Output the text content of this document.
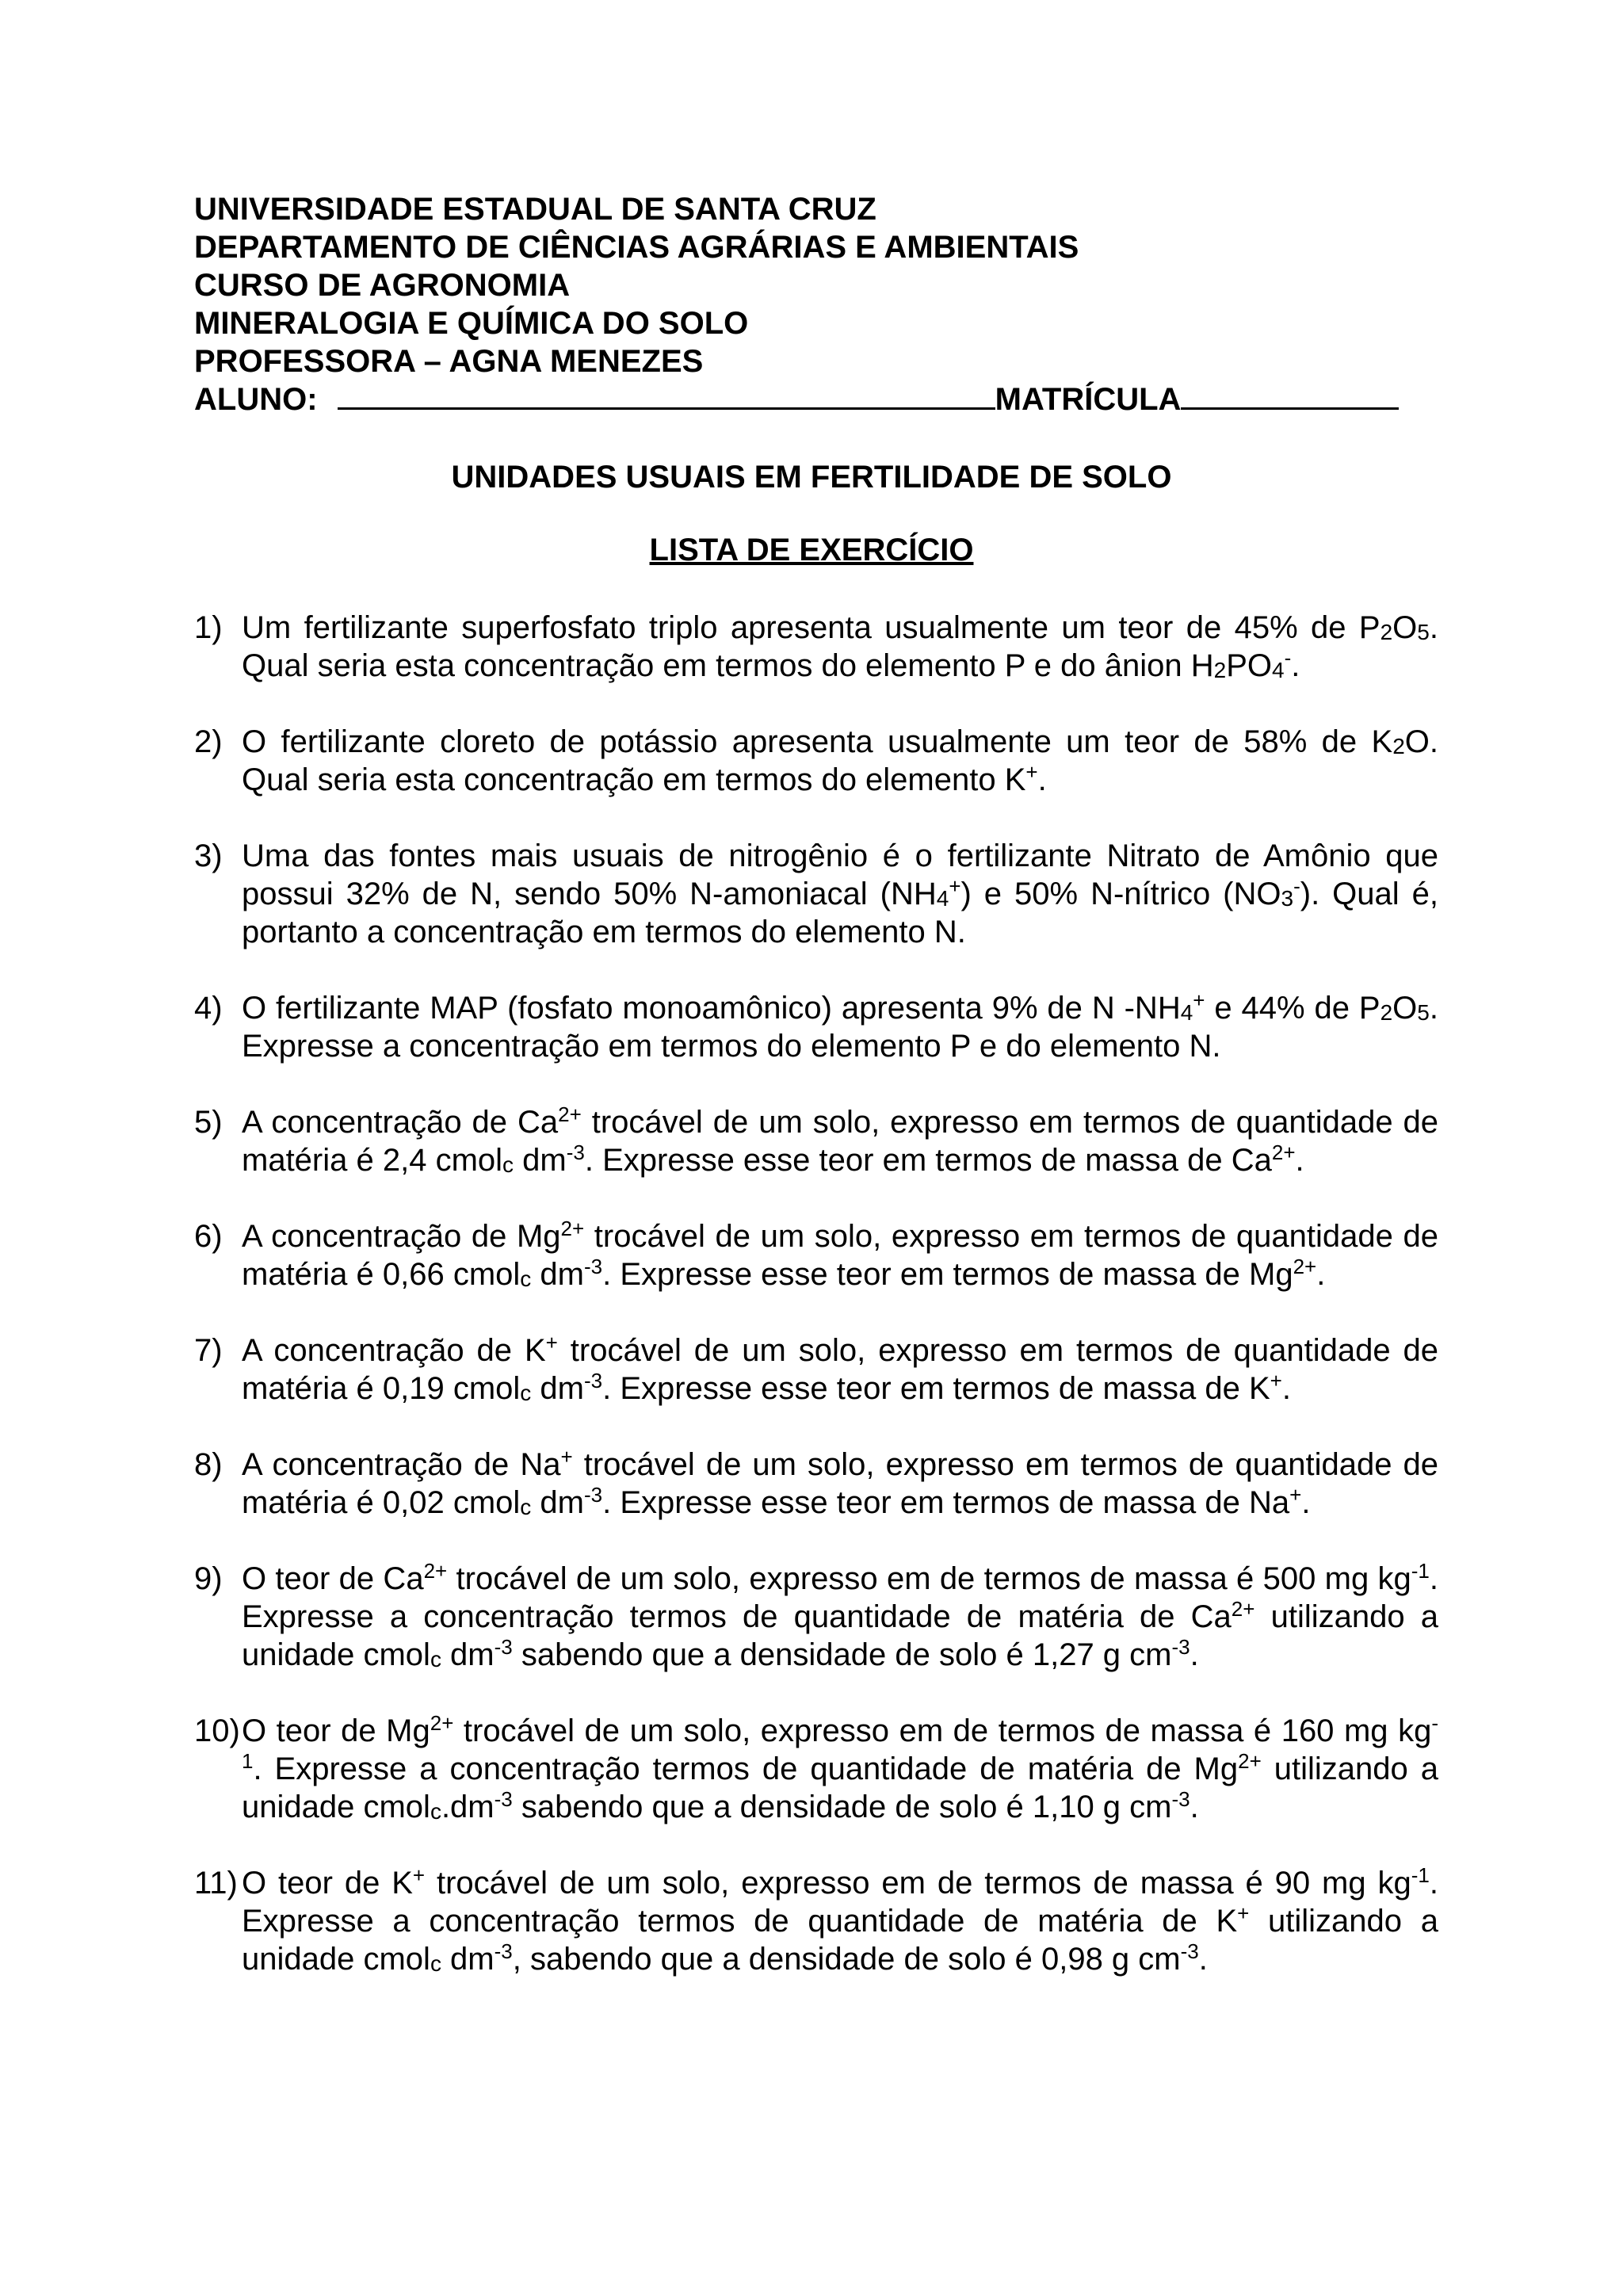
UNIVERSIDADE ESTADUAL DE SANTA CRUZ
DEPARTAMENTO DE CIÊNCIAS AGRÁRIAS E AMBIENTAIS
CURSO DE AGRONOMIA
MINERALOGIA E QUÍMICA DO SOLO
PROFESSORA – AGNA MENEZES
ALUNO:	MATRÍCULA
UNIDADES USUAIS EM FERTILIDADE DE SOLO
LISTA DE EXERCÍCIO
1) Um fertilizante superfosfato triplo apresenta usualmente um teor de 45% de $P_2O_5$. Qual seria esta concentração em termos do elemento P e do ânion $H_2PO_4^-$.
2) O fertilizante cloreto de potássio apresenta usualmente um teor de 58% de $K_2O$. Qual seria esta concentração em termos do elemento K+.
3) Uma das fontes mais usuais de nitrogênio é o fertilizante Nitrato de Amônio que possui 32% de N, sendo 50% N-amoniacal $(NH_4^+)$ e 50% N-nítrico $(NO_3^-)$. Qual é, portanto a concentração em termos do elemento N.
4) O fertilizante MAP (fosfato monoamônico) apresenta 9% de N $-NH_4^+$ e 44% de $P_2O_5$. Expresse a concentração em termos do elemento P e do elemento N.
5) A concentração de $Ca^{2+}$ trocável de um solo, expresso em termos de quantidade de matéria é 2,4 cmol$_c$ $dm^{-3}$. Expresse esse teor em termos de massa de $Ca^{2+}$.
6) A concentração de $Mg^{2+}$ trocável de um solo, expresso em termos de quantidade de matéria é 0,66 cmol$_c$ $dm^{-3}$. Expresse esse teor em termos de massa de $Mg^{2+}$.
7) A concentração de K+ trocável de um solo, expresso em termos de quantidade de matéria é 0,19 cmol$_c$ $dm^{-3}$. Expresse esse teor em termos de massa de K+.
8) A concentração de Na+ trocável de um solo, expresso em termos de quantidade de matéria é 0,02 cmol$_c$ $dm^{-3}$. Expresse esse teor em termos de massa de Na+.
9) O teor de $Ca^{2+}$ trocável de um solo, expresso em de termos de massa é 500 mg $kg^{-1}$. Expresse a concentração termos de quantidade de matéria de $Ca^{2+}$ utilizando a unidade cmol$_c$ $dm^{-3}$ sabendo que a densidade de solo é 1,27 g $cm^{-3}$.
10) O teor de $Mg^{2+}$ trocável de um solo, expresso em de termos de massa é 160 mg $kg^{-1}$. Expresse a concentração termos de quantidade de matéria de $Mg^{2+}$ utilizando a unidade $cmol_c.dm^{-3}$ sabendo que a densidade de solo é 1,10 g $cm^{-3}$.
11) O teor de K+ trocável de um solo, expresso em de termos de massa é 90 mg $kg^{-1}$. Expresse a concentração termos de quantidade de matéria de K+ utilizando a unidade cmol$_c$ $dm^{-3}$, sabendo que a densidade de solo é 0,98 g $cm^{-3}$.
